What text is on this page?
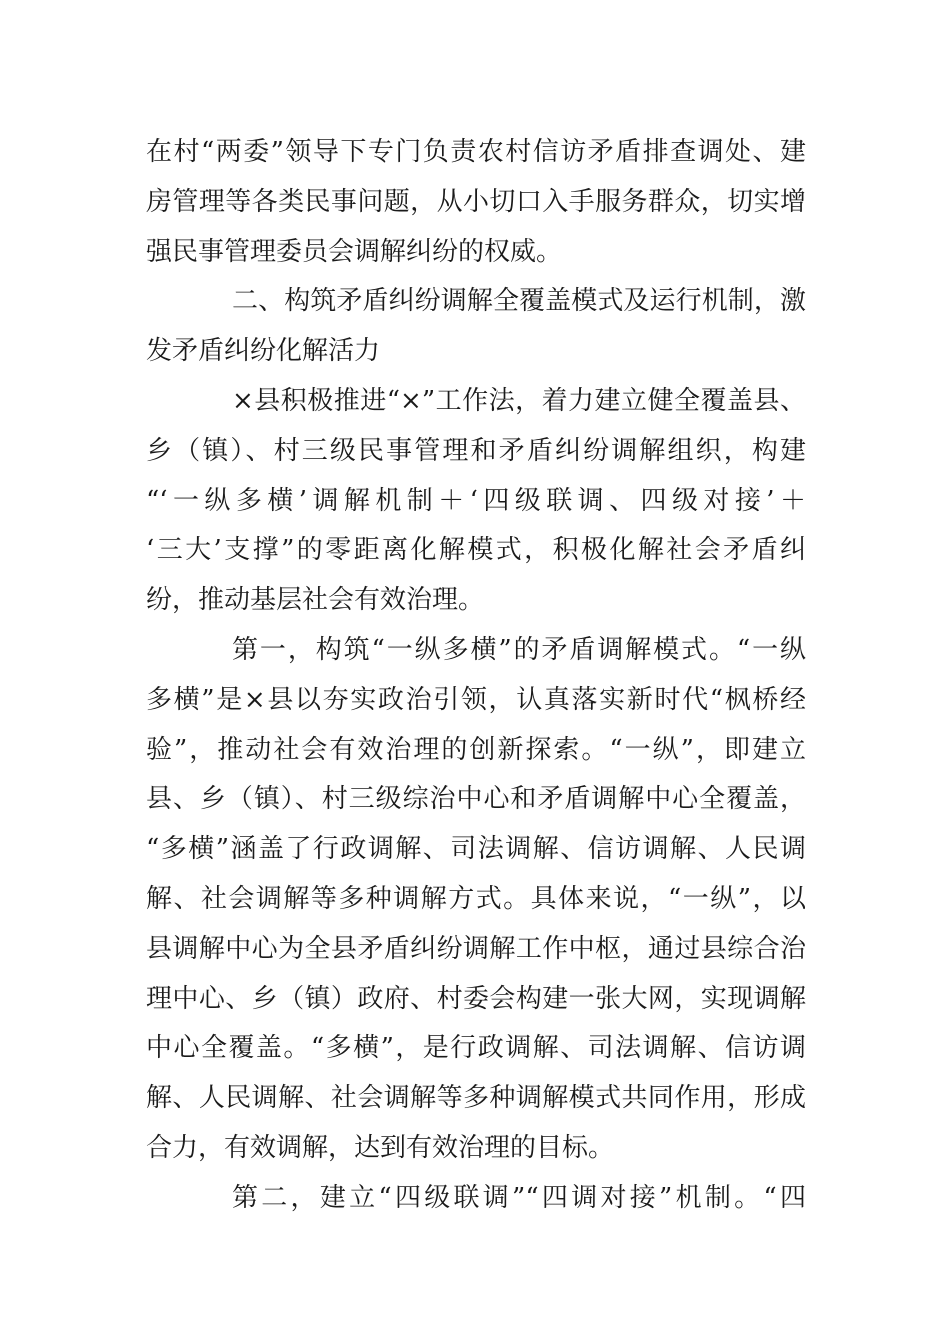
在村“两委”领导下专门负责农村信访矛盾排查调处、建
房管理等各类民事问题，从小切口入手服务群众，切实增
强民事管理委员会调解纠纷的权威。
二、构筑矛盾纠纷调解全覆盖模式及运行机制，激
发矛盾纠纷化解活力
×县积极推进“×”工作法，着力建立健全覆盖县、
乡（镇）、村三级民事管理和矛盾纠纷调解组织，构建
“‘一纵多横’调解机制＋‘四级联调、四级对接’＋
‘三大’支撑”的零距离化解模式，积极化解社会矛盾纠
纷，推动基层社会有效治理。
第一，构筑“一纵多横”的矛盾调解模式。“一纵
多横”是×县以夯实政治引领，认真落实新时代“枫桥经
验”，推动社会有效治理的创新探索。“一纵”，即建立
县、乡（镇）、村三级综治中心和矛盾调解中心全覆盖，
“多横”涵盖了行政调解、司法调解、信访调解、人民调
解、社会调解等多种调解方式。具体来说，“一纵”，以
县调解中心为全县矛盾纠纷调解工作中枢，通过县综合治
理中心、乡（镇）政府、村委会构建一张大网，实现调解
中心全覆盖。“多横”，是行政调解、司法调解、信访调
解、人民调解、社会调解等多种调解模式共同作用，形成
合力，有效调解，达到有效治理的目标。
第二，建立“四级联调”“四调对接”机制。“四
